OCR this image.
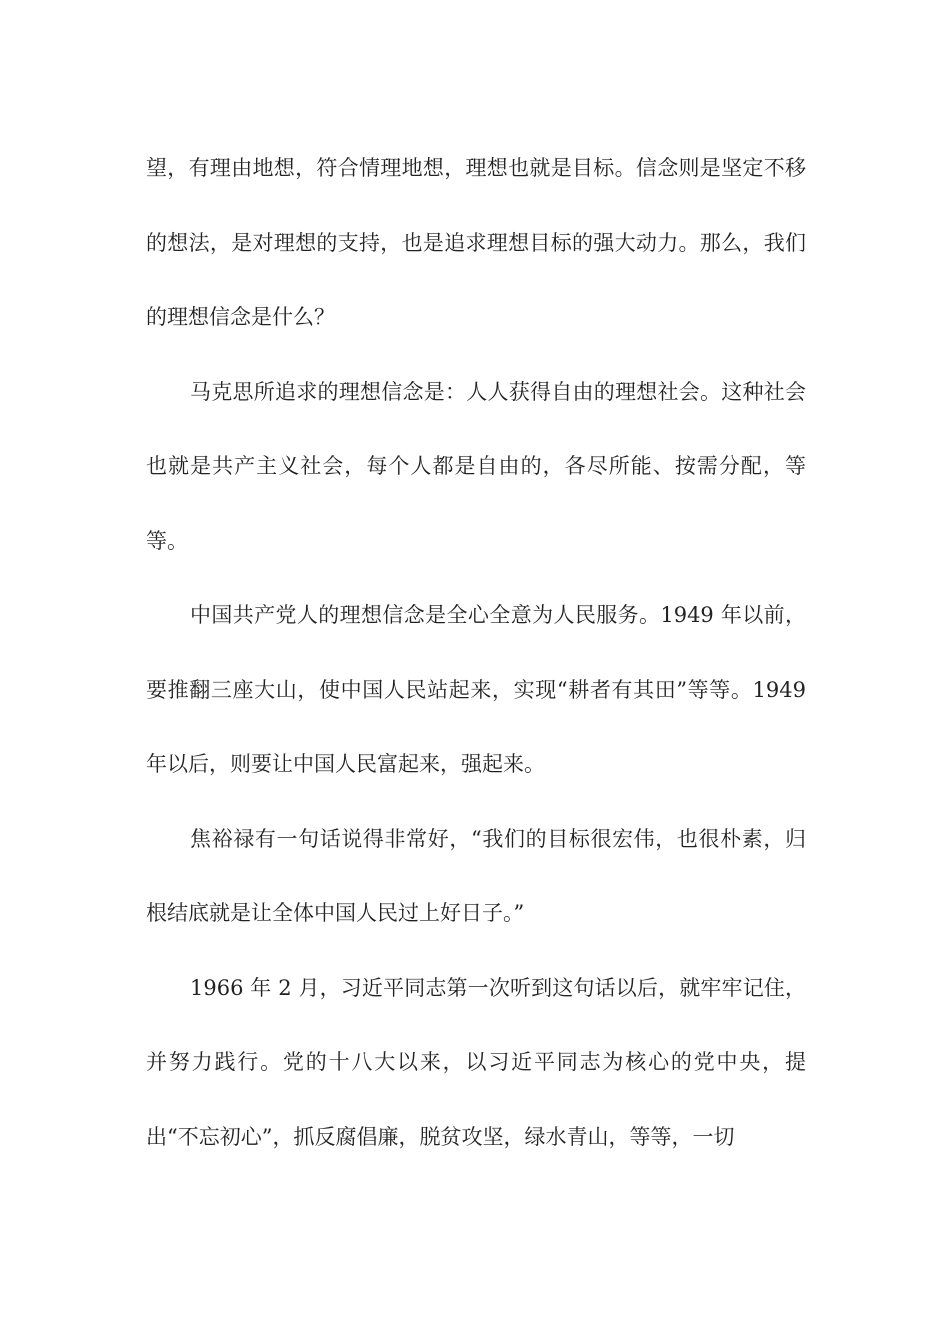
望，有理由地想，符合情理地想，理想也就是目标。信念则是坚定不移的想法，是对理想的支持，也是追求理想目标的强大动力。那么，我们的理想信念是什么？

马克思所追求的理想信念是：人人获得自由的理想社会。这种社会也就是共产主义社会，每个人都是自由的，各尽所能、按需分配，等等。

中国共产党人的理想信念是全心全意为人民服务。1949 年以前，要推翻三座大山，使中国人民站起来，实现“耕者有其田”等等。1949 年以后，则要让中国人民富起来，强起来。

焦裕禄有一句话说得非常好，“我们的目标很宏伟，也很朴素，归根结底就是让全体中国人民过上好日子。”

1966 年 2 月，习近平同志第一次听到这句话以后，就牢牢记住，并努力践行。党的十八大以来，以习近平同志为核心的党中央，提出“不忘初心”，抓反腐倡廉，脱贫攻坚，绿水青山，等等，一切
